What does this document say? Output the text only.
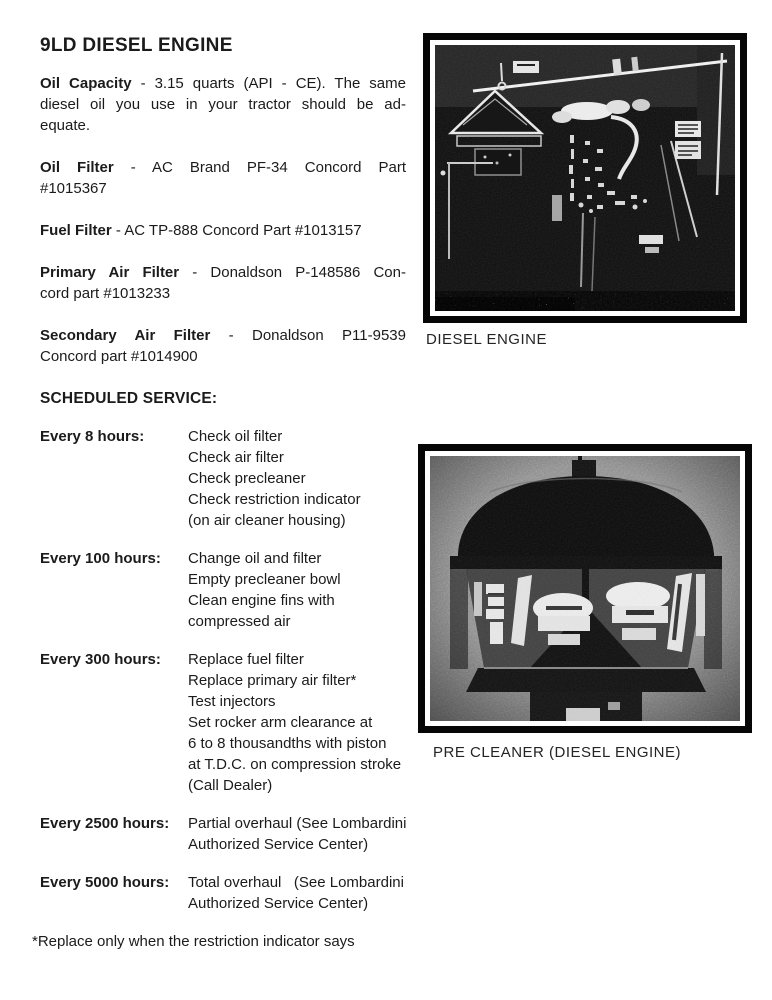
9LD DIESEL ENGINE
Oil Capacity - 3.15 quarts (API - CE). The same
diesel oil you use in your tractor should be ad-
equate.
Oil Filter - AC Brand PF-34 Concord Part
#1015367
Fuel Filter - AC TP-888 Concord Part #1013157
Primary Air Filter - Donaldson P-148586 Con-
cord part #1013233
Secondary Air Filter - Donaldson P11-9539
Concord part #1014900
SCHEDULED SERVICE:
Every 8 hours:	Check oil filter
Check air filter
Check precleaner
Check restriction indicator
(on air cleaner housing)
Every 100 hours:	Change oil and filter
Empty precleaner bowl
Clean engine fins with
compressed air
Every 300 hours:	Replace fuel filter
Replace primary air filter*
Test injectors
Set rocker arm clearance at
6 to 8 thousandths with piston
at T.D.C. on compression stroke
(Call Dealer)
Every 2500 hours:	Partial overhaul (See Lombardini
Authorized Service Center)
Every 5000 hours:	Total overhaul   (See Lombardini
Authorized Service Center)
*Replace only when the restriction indicator says
DIESEL ENGINE
PRE CLEANER (DIESEL ENGINE)
